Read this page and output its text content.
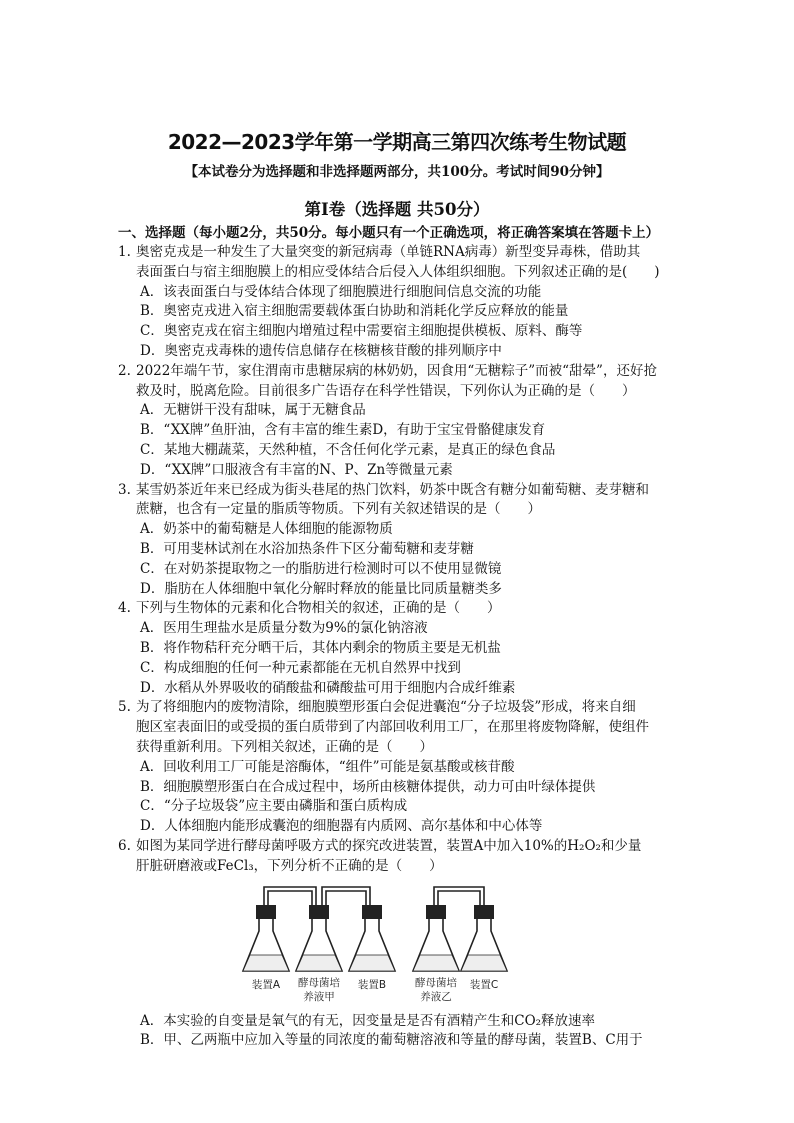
2022—2023学年第一学期高三第四次练考生物试题
【本试卷分为选择题和非选择题两部分，共100分。考试时间90分钟】
第Ⅰ卷（选择题 共50分）
一、选择题（每小题2分，共50分。每小题只有一个正确选项，将正确答案填在答题卡上）
1. 奥密克戎是一种发生了大量突变的新冠病毒（单链RNA病毒）新型变异毒株，借助其
表面蛋白与宿主细胞膜上的相应受体结合后侵入人体组织细胞。下列叙述正确的是(　　)
A．该表面蛋白与受体结合体现了细胞膜进行细胞间信息交流的功能
B．奥密克戎进入宿主细胞需要载体蛋白协助和消耗化学反应释放的能量
C．奥密克戎在宿主细胞内增殖过程中需要宿主细胞提供模板、原料、酶等
D．奥密克戎毒株的遗传信息储存在核糖核苷酸的排列顺序中
2. 2022年端午节，家住渭南市患糖尿病的林奶奶，因食用“无糖粽子”而被“甜晕”，还好抢
救及时，脱离危险。目前很多广告语存在科学性错误，下列你认为正确的是（　　）
A．无糖饼干没有甜味，属于无糖食品
B．“XX牌”鱼肝油，含有丰富的维生素D，有助于宝宝骨骼健康发育
C．某地大棚蔬菜，天然种植，不含任何化学元素，是真正的绿色食品
D．“XX牌”口服液含有丰富的N、P、Zn等微量元素
3. 某雪奶茶近年来已经成为街头巷尾的热门饮料，奶茶中既含有糖分如葡萄糖、麦芽糖和
蔗糖，也含有一定量的脂质等物质。下列有关叙述错误的是（　　）
A．奶茶中的葡萄糖是人体细胞的能源物质
B．可用斐林试剂在水浴加热条件下区分葡萄糖和麦芽糖
C．在对奶茶提取物之一的脂肪进行检测时可以不使用显微镜
D．脂肪在人体细胞中氧化分解时释放的能量比同质量糖类多
4. 下列与生物体的元素和化合物相关的叙述，正确的是（　　）
A．医用生理盐水是质量分数为9%的氯化钠溶液
B．将作物秸秆充分晒干后，其体内剩余的物质主要是无机盐
C．构成细胞的任何一种元素都能在无机自然界中找到
D．水稻从外界吸收的硝酸盐和磷酸盐可用于细胞内合成纤维素
5. 为了将细胞内的废物清除，细胞膜塑形蛋白会促进囊泡“分子垃圾袋”形成，将来自细
胞区室表面旧的或受损的蛋白质带到了内部回收利用工厂，在那里将废物降解，使组件
获得重新利用。下列相关叙述，正确的是（　　）
A．回收利用工厂可能是溶酶体，“组件”可能是氨基酸或核苷酸
B．细胞膜塑形蛋白在合成过程中，场所由核糖体提供，动力可由叶绿体提供
C．“分子垃圾袋”应主要由磷脂和蛋白质构成
D．人体细胞内能形成囊泡的细胞器有内质网、高尔基体和中心体等
6. 如图为某同学进行酵母菌呼吸方式的探究改进装置，装置A中加入10%的H₂O₂和少量
肝脏研磨液或FeCl₃，下列分析不正确的是（　　）
装置A 酵母菌培
养液甲
装置B	酵母菌培
养液乙
装置C
A．本实验的自变量是氧气的有无，因变量是是否有酒精产生和CO₂释放速率
B．甲、乙两瓶中应加入等量的同浓度的葡萄糖溶液和等量的酵母菌，装置B、C用于
